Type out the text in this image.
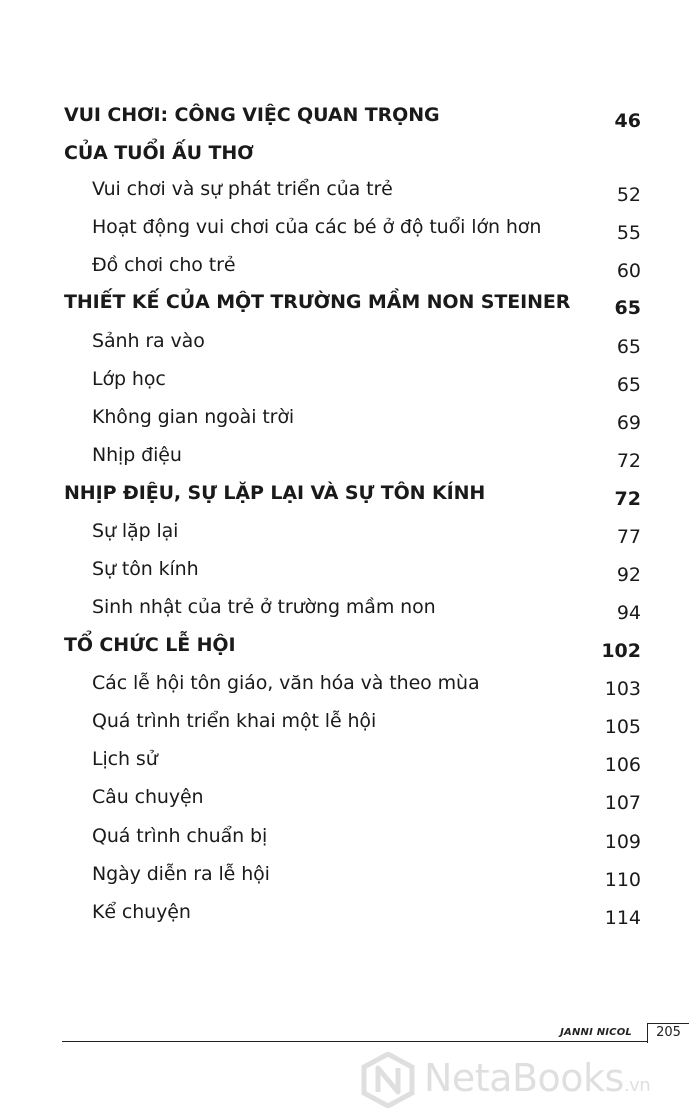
VUI CHƠI: CÔNG VIỆC QUAN TRỌNG	46
CỦA TUỔI ẤU THƠ
Vui chơi và sự phát triển của trẻ	52
Hoạt động vui chơi của các bé ở độ tuổi lớn hơn	55
Đồ chơi cho trẻ	60
THIẾT KẾ CỦA MỘT TRƯỜNG MẦM NON STEINER 65
Sảnh ra vào	65
Lớp học	65
Không gian ngoài trời	69
Nhịp điệu	72
NHỊP ĐIỆU, SỰ LẶP LẠI VÀ SỰ TÔN KÍNH	72
Sự lặp lại	77
Sự tôn kính	92
Sinh nhật của trẻ ở trường mầm non	94
TỔ CHỨC LỄ HỘI	102
Các lễ hội tôn giáo, văn hóa và theo mùa	103
Quá trình triển khai một lễ hội	105
Lịch sử	106
Câu chuyện	107
Quá trình chuẩn bị	109
Ngày diễn ra lễ hội	110
Kể chuyện	114
JANNI NICOL	205
NetaBooks.vn
